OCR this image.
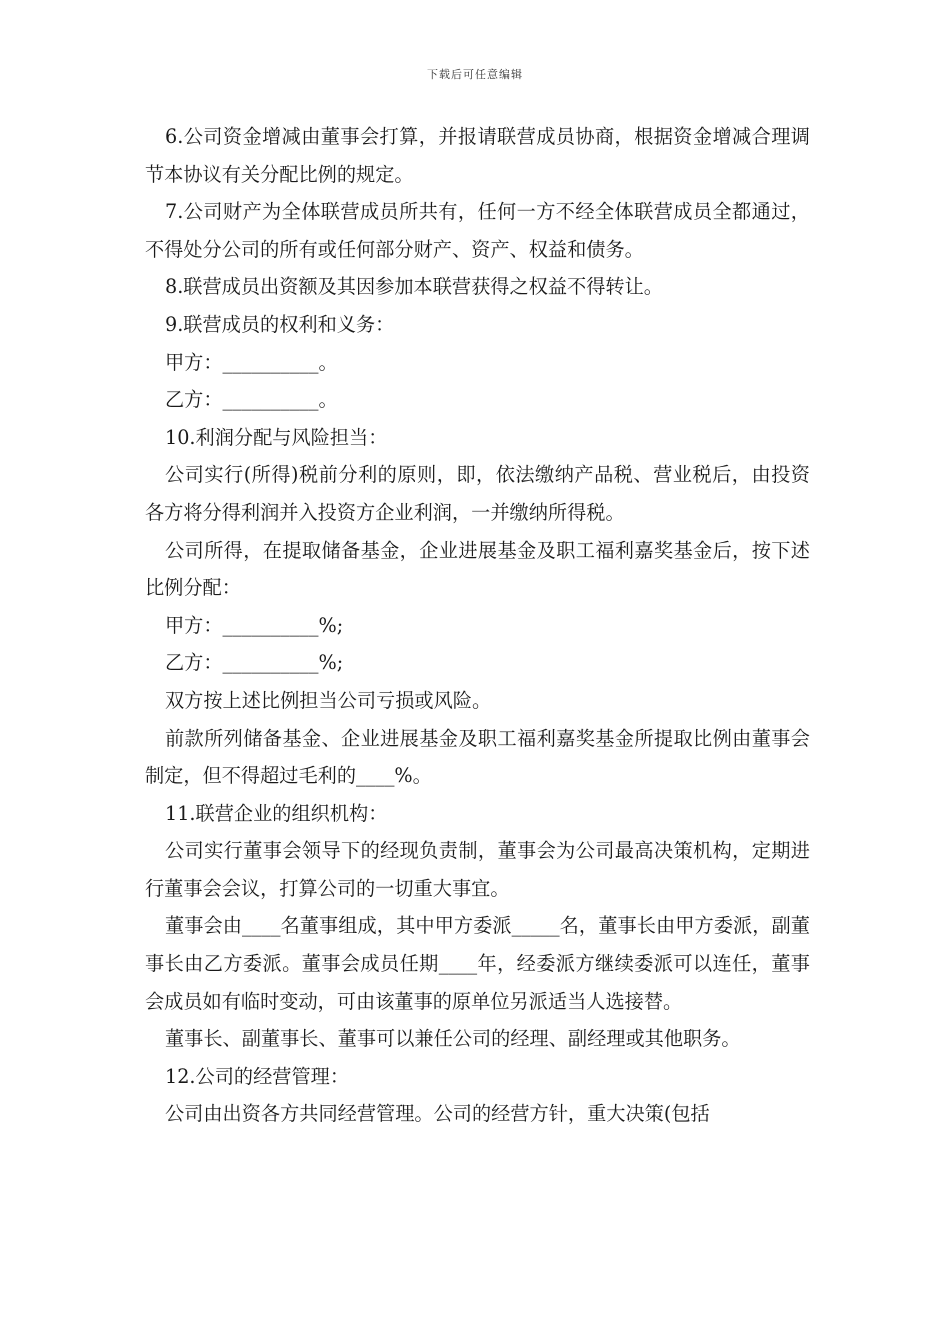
下载后可任意编辑

6.公司资金增减由董事会打算，并报请联营成员协商，根据资金增减合理调节本协议有关分配比例的规定。

7.公司财产为全体联营成员所共有，任何一方不经全体联营成员全都通过，不得处分公司的所有或任何部分财产、资产、权益和债务。

8.联营成员出资额及其因参加本联营获得之权益不得转让。

9.联营成员的权利和义务：

甲方：__________。

乙方：__________。

10.利润分配与风险担当：

公司实行(所得)税前分利的原则，即，依法缴纳产品税、营业税后，由投资各方将分得利润并入投资方企业利润，一并缴纳所得税。

公司所得，在提取储备基金，企业进展基金及职工福利嘉奖基金后，按下述比例分配：

甲方：__________%;

乙方：__________%;

双方按上述比例担当公司亏损或风险。

前款所列储备基金、企业进展基金及职工福利嘉奖基金所提取比例由董事会制定，但不得超过毛利的____%。

11.联营企业的组织机构：

公司实行董事会领导下的经现负责制，董事会为公司最高决策机构，定期进行董事会会议，打算公司的一切重大事宜。

董事会由____名董事组成，其中甲方委派_____名，董事长由甲方委派，副董事长由乙方委派。董事会成员任期____年，经委派方继续委派可以连任，董事会成员如有临时变动，可由该董事的原单位另派适当人选接替。

董事长、副董事长、董事可以兼任公司的经理、副经理或其他职务。

12.公司的经营管理：

公司由出资各方共同经营管理。公司的经营方针，重大决策(包括
